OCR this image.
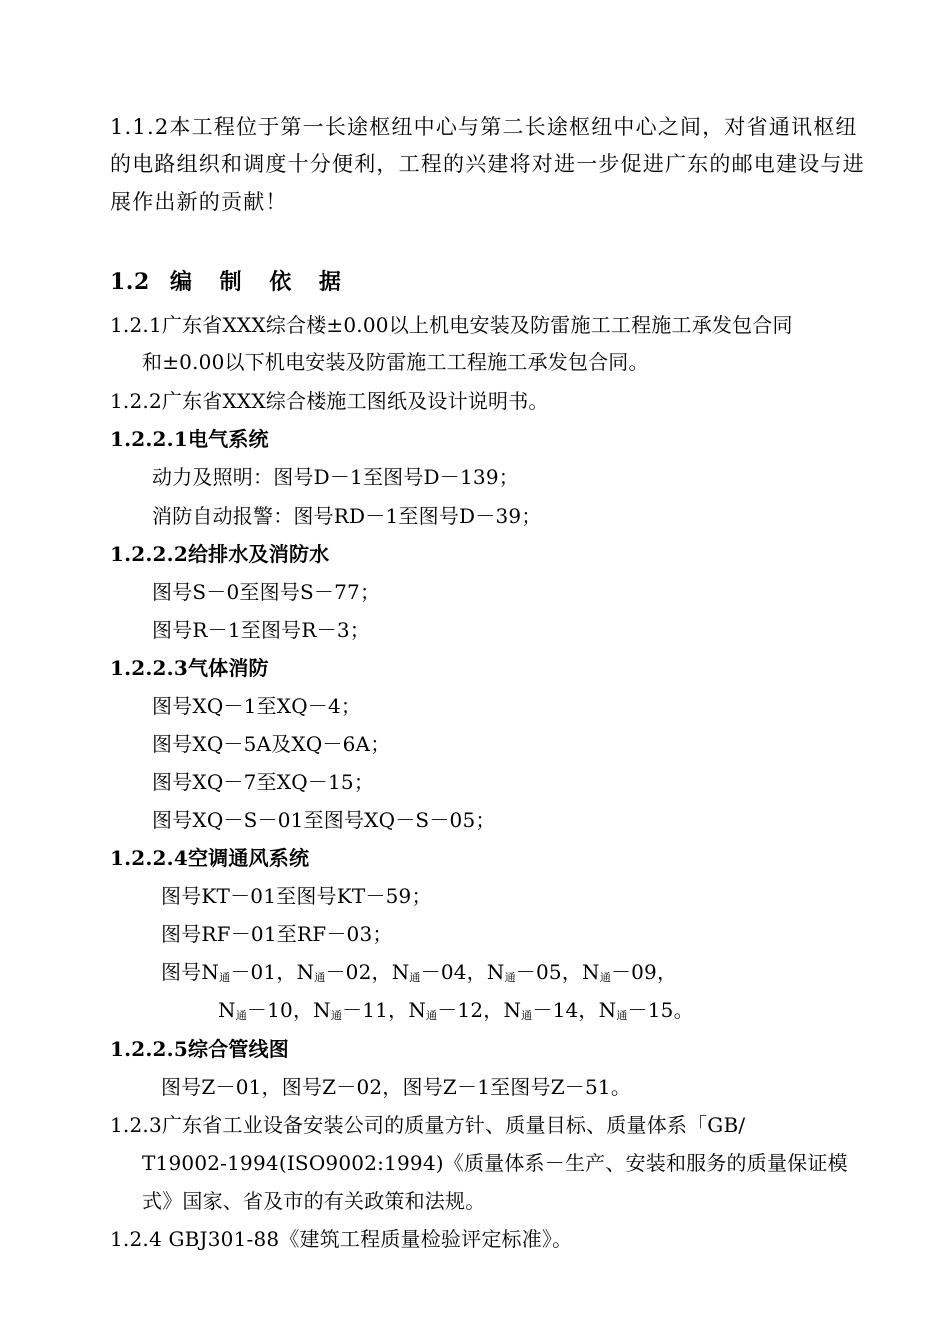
1.1.2本工程位于第一长途枢纽中心与第二长途枢纽中心之间，对省通讯枢纽
的电路组织和调度十分便利，工程的兴建将对进一步促进广东的邮电建设与进
展作出新的贡献！
1.2 编 制 依 据
1.2.1广东省XXX综合楼±0.00以上机电安装及防雷施工工程施工承发包合同
和±0.00以下机电安装及防雷施工工程施工承发包合同。
1.2.2广东省XXX综合楼施工图纸及设计说明书。
1.2.2.1电气系统
动力及照明：图号D－1至图号D－139；
消防自动报警：图号RD－1至图号D－39；
1.2.2.2给排水及消防水
图号S－0至图号S－77；
图号R－1至图号R－3；
1.2.2.3气体消防
图号XQ－1至XQ－4；
图号XQ－5A及XQ－6A；
图号XQ－7至XQ－15；
图号XQ－S－01至图号XQ－S－05；
1.2.2.4空调通风系统
图号KT－01至图号KT－59；
图号RF－01至RF－03；
图号N通－01，N通－02，N通－04，N通－05，N通－09，
N通－10，N通－11，N通－12，N通－14，N通－15。
1.2.2.5综合管线图
图号Z－01，图号Z－02，图号Z－1至图号Z－51。
1.2.3广东省工业设备安装公司的质量方针、质量目标、质量体系「GB/
T19002-1994(ISO9002:1994)《质量体系－生产、安装和服务的质量保证模
式》国家、省及市的有关政策和法规。
1.2.4 GBJ301-88《建筑工程质量检验评定标准》。
